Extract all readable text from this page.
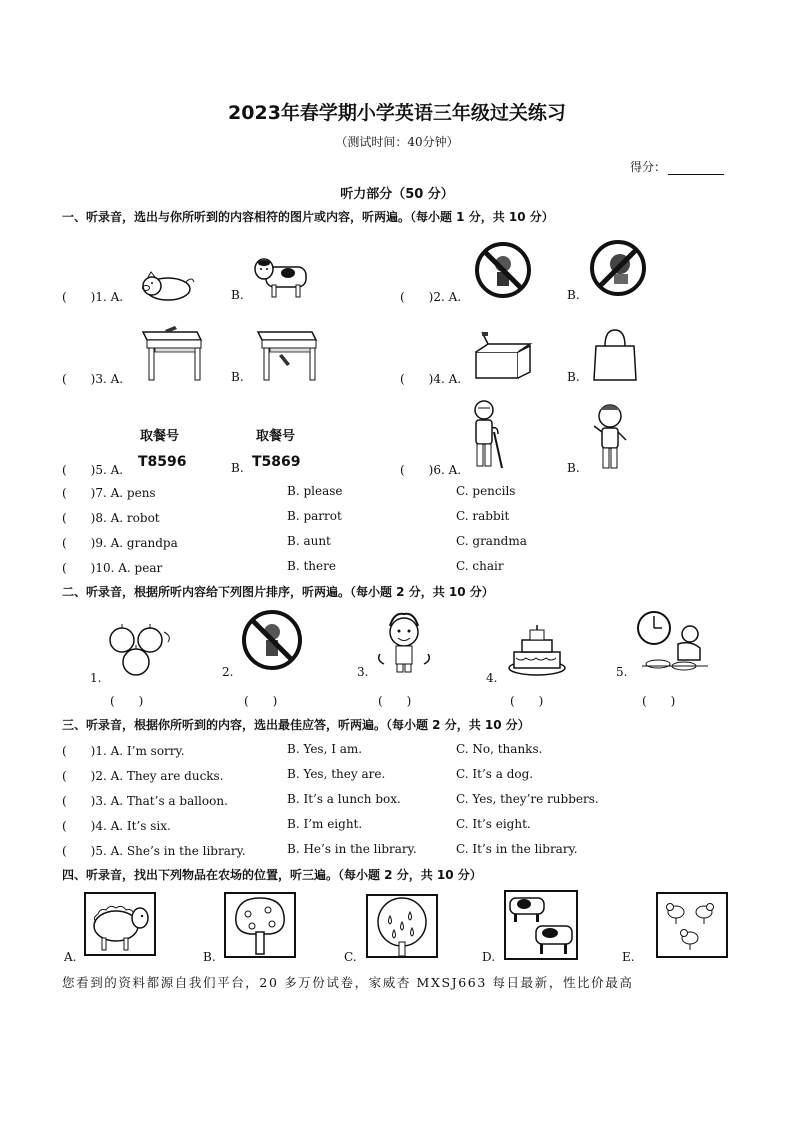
2023年春学期小学英语三年级过关练习
（测试时间：40分钟）
得分：
听力部分（50 分）
一、听录音，选出与你所听到的内容相符的图片或内容，听两遍。（每小题 1 分，共 10 分）
(　　)1. A.	B.	(　　)2. A.	B.
(　　)3. A.	B.	(　　)4. A.	B.
(　　)5. A.
取餐号
T8596	B.
取餐号
T5869	(　　)6. A.	B.
(　　)7. A. pens	B. please	C. pencils
(　　)8. A. robot	B. parrot	C. rabbit
(　　)9. A. grandpa	B. aunt	C. grandma
(　　)10. A. pear	B. there	C. chair
二、听录音，根据所听内容给下列图片排序，听两遍。（每小题 2 分，共 10 分）
1.
(　　)
2.
(　　)
3.
(　　)
4.
(　　)
5.
(　　)
三、听录音，根据你所听到的内容，选出最佳应答，听两遍。（每小题 2 分，共 10 分）
(　　)1. A. I’m sorry.	B. Yes, I am.	C. No, thanks.
(　　)2. A. They are ducks.	B. Yes, they are.	C. It’s a dog.
(　　)3. A. That’s a balloon.	B. It’s a lunch box.	C. Yes, they’re rubbers.
(　　)4. A. It’s six.	B. I’m eight.	C. It’s eight.
(　　)5. A. She’s in the library.	B. He’s in the library.	C. It’s in the library.
四、听录音，找出下列物品在农场的位置，听三遍。（每小题 2 分，共 10 分）
A.	B.	C.	D.	E.
您看到的资料都源自我们平台，20 多万份试卷，家威杏 MXSJ663 每日最新，性比价最高
